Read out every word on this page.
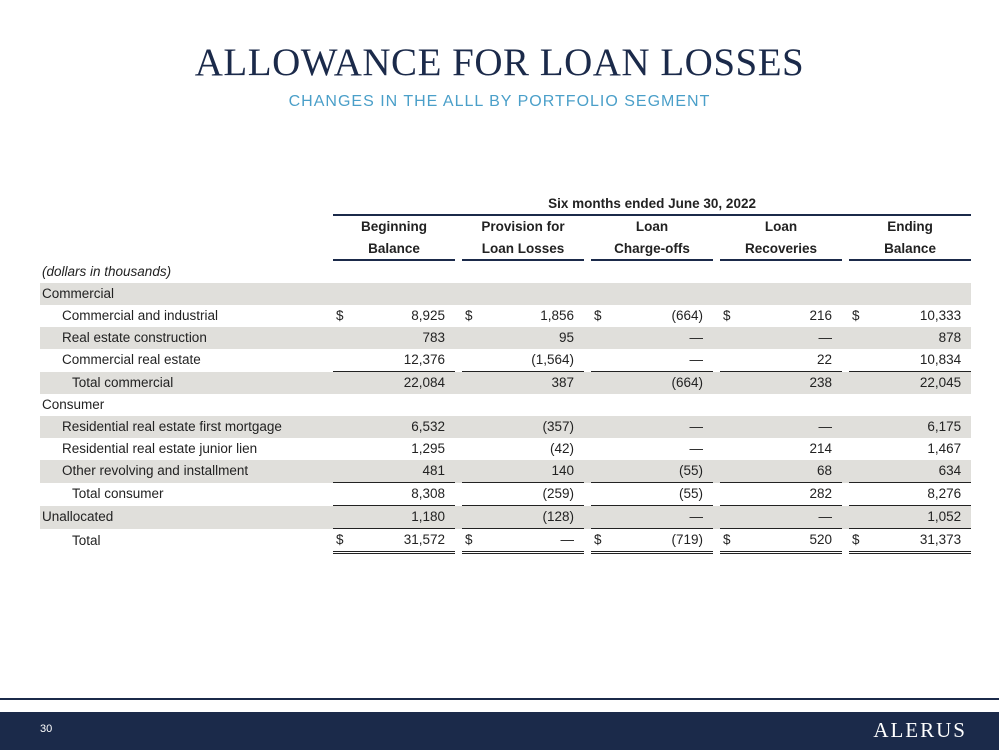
ALLOWANCE FOR LOAN LOSSES
CHANGES IN THE ALLL BY PORTFOLIO SEGMENT
	Six months ended June 30, 2022								
	Beginning		Provision for		Loan		Loan		Ending
	Balance		Loan Losses		Charge-offs		Recoveries		Balance
(dollars in thousands)									
Commercial	

Commercial and industrial	$ 8,925		$ 1,856		$ (664)		$ 216		$ 10,333

Real estate construction	783		95		—		—		878

Commercial real estate	12,376		(1,564)		—		22		10,834

Total commercial	22,084		387		(664)		238		22,045

Consumer	

Residential real estate first mortgage	6,532		(357)		—		—		6,175

Residential real estate junior lien	1,295		(42)		—		214		1,467

Other revolving and installment	481		140		(55)		68		634

Total consumer	8,308		(259)		(55)		282		8,276

Unallocated	1,180		(128)		—		—		1,052

Total	$ 31,572		$ —		$ (719)		$ 520		$ 31,373
30	ALERUS
